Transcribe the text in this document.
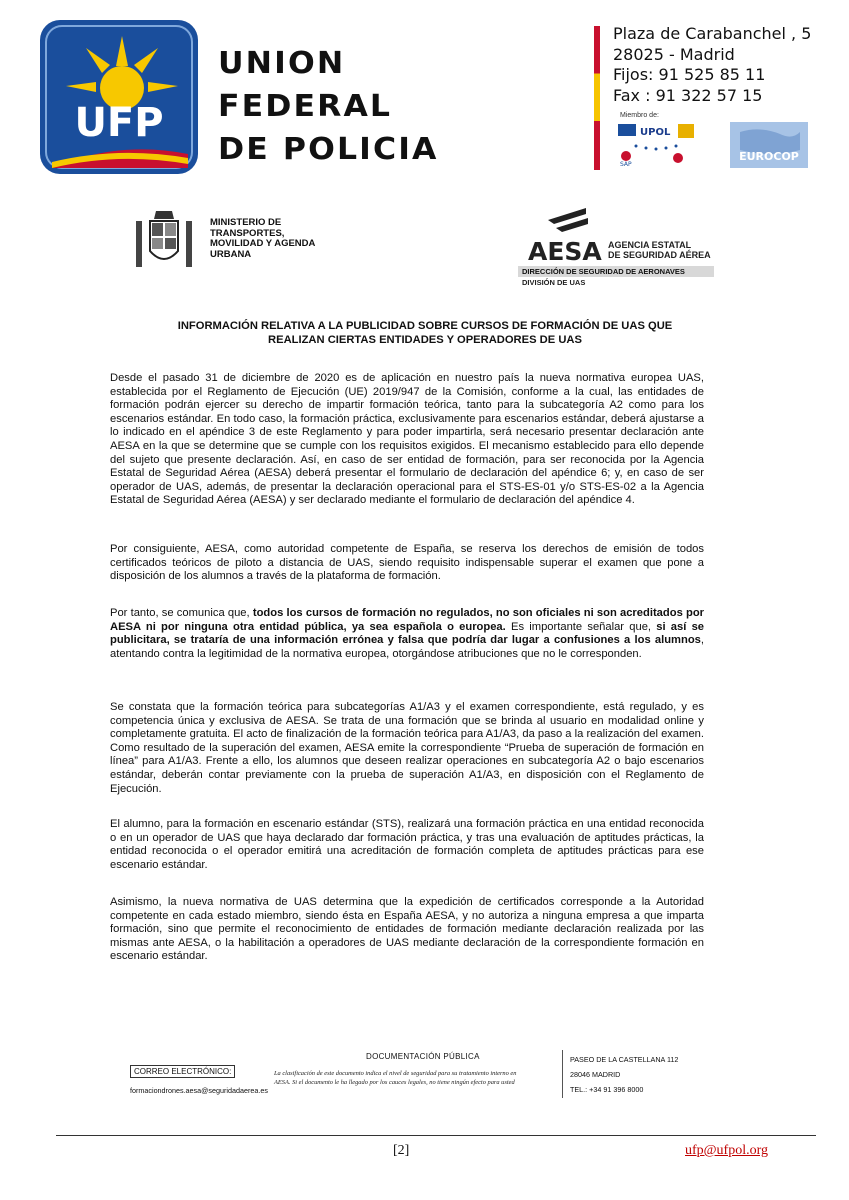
UFP
UNION
FEDERAL
DE POLICIA
Plaza de Carabanchel , 5
28025 - Madrid
Fijos: 91 525 85 11
Fax : 91 322 57 15
Miembro de:
UPOL
SAP
EUROCOP
MINISTERIO DE
TRANSPORTES,
MOVILIDAD Y AGENDA
URBANA	AESA AGENCIA ESTATAL
DE SEGURIDAD AÉREA
DIRECCIÓN DE SEGURIDAD DE AERONAVES
DIVISIÓN DE UAS
INFORMACIÓN RELATIVA A LA PUBLICIDAD SOBRE CURSOS DE FORMACIÓN DE UAS QUE
REALIZAN CIERTAS ENTIDADES Y OPERADORES DE UAS
Desde el pasado 31 de diciembre de 2020 es de aplicación en nuestro país la nueva normativa europea UAS, establecida por el Reglamento de Ejecución (UE) 2019/947 de la Comisión, conforme a la cual, las entidades de formación podrán ejercer su derecho de impartir formación teórica, tanto para la subcategoría A2 como para los escenarios estándar. En todo caso, la formación práctica, exclusivamente para escenarios estándar, deberá ajustarse a lo indicado en el apéndice 3 de este Reglamento y para poder impartirla, será necesario presentar declaración ante AESA en la que se determine que se cumple con los requisitos exigidos. El mecanismo establecido para ello depende del sujeto que presente declaración. Así, en caso de ser entidad de formación, para ser reconocida por la Agencia Estatal de Seguridad Aérea (AESA) deberá presentar el formulario de declaración del apéndice 6; y, en caso de ser operador de UAS, además, de presentar la declaración operacional para el STS-ES-01 y/o STS-ES-02 a la Agencia Estatal de Seguridad Aérea (AESA) y ser declarado mediante el formulario de declaración del apéndice 4.
Por consiguiente, AESA, como autoridad competente de España, se reserva los derechos de emisión de todos certificados teóricos de piloto a distancia de UAS, siendo requisito indispensable superar el examen que pone a disposición de los alumnos a través de la plataforma de formación.
Por tanto, se comunica que, todos los cursos de formación no regulados, no son oficiales ni son acreditados por AESA ni por ninguna otra entidad pública, ya sea española o europea. Es importante señalar que, si así se publicitara, se trataría de una información errónea y falsa que podría dar lugar a confusiones a los alumnos, atentando contra la legitimidad de la normativa europea, otorgándose atribuciones que no le corresponden.
Se constata que la formación teórica para subcategorías A1/A3 y el examen correspondiente, está regulado, y es competencia única y exclusiva de AESA. Se trata de una formación que se brinda al usuario en modalidad online y completamente gratuita. El acto de finalización de la formación teórica para A1/A3, da paso a la realización del examen. Como resultado de la superación del examen, AESA emite la correspondiente “Prueba de superación de formación en línea” para A1/A3. Frente a ello, los alumnos que deseen realizar operaciones en subcategoría A2 o bajo escenarios estándar, deberán contar previamente con la prueba de superación A1/A3, en disposición con el Reglamento de Ejecución.
El alumno, para la formación en escenario estándar (STS), realizará una formación práctica en una entidad reconocida o en un operador de UAS que haya declarado dar formación práctica, y tras una evaluación de aptitudes prácticas, la entidad reconocida o el operador emitirá una acreditación de formación completa de aptitudes prácticas para ese escenario estándar.
Asimismo, la nueva normativa de UAS determina que la expedición de certificados corresponde a la Autoridad competente en cada estado miembro, siendo ésta en España AESA, y no autoriza a ninguna empresa a que imparta formación, sino que permite el reconocimiento de entidades de formación mediante declaración realizada por las mismas ante AESA, o la habilitación a operadores de UAS mediante declaración de la correspondiente formación en escenario estándar.
CORREO ELECTRÓNICO:
formaciondrones.aesa@seguridadaerea.es
DOCUMENTACIÓN PÚBLICA
La clasificación de este documento indica el nivel de seguridad para su tratamiento interno en
AESA. Si el documento le ha llegado por los cauces legales, no tiene ningún efecto para usted
PASEO DE LA CASTELLANA 112
28046 MADRID
TEL.: +34 91 396 8000
[2]	ufp@ufpol.org
